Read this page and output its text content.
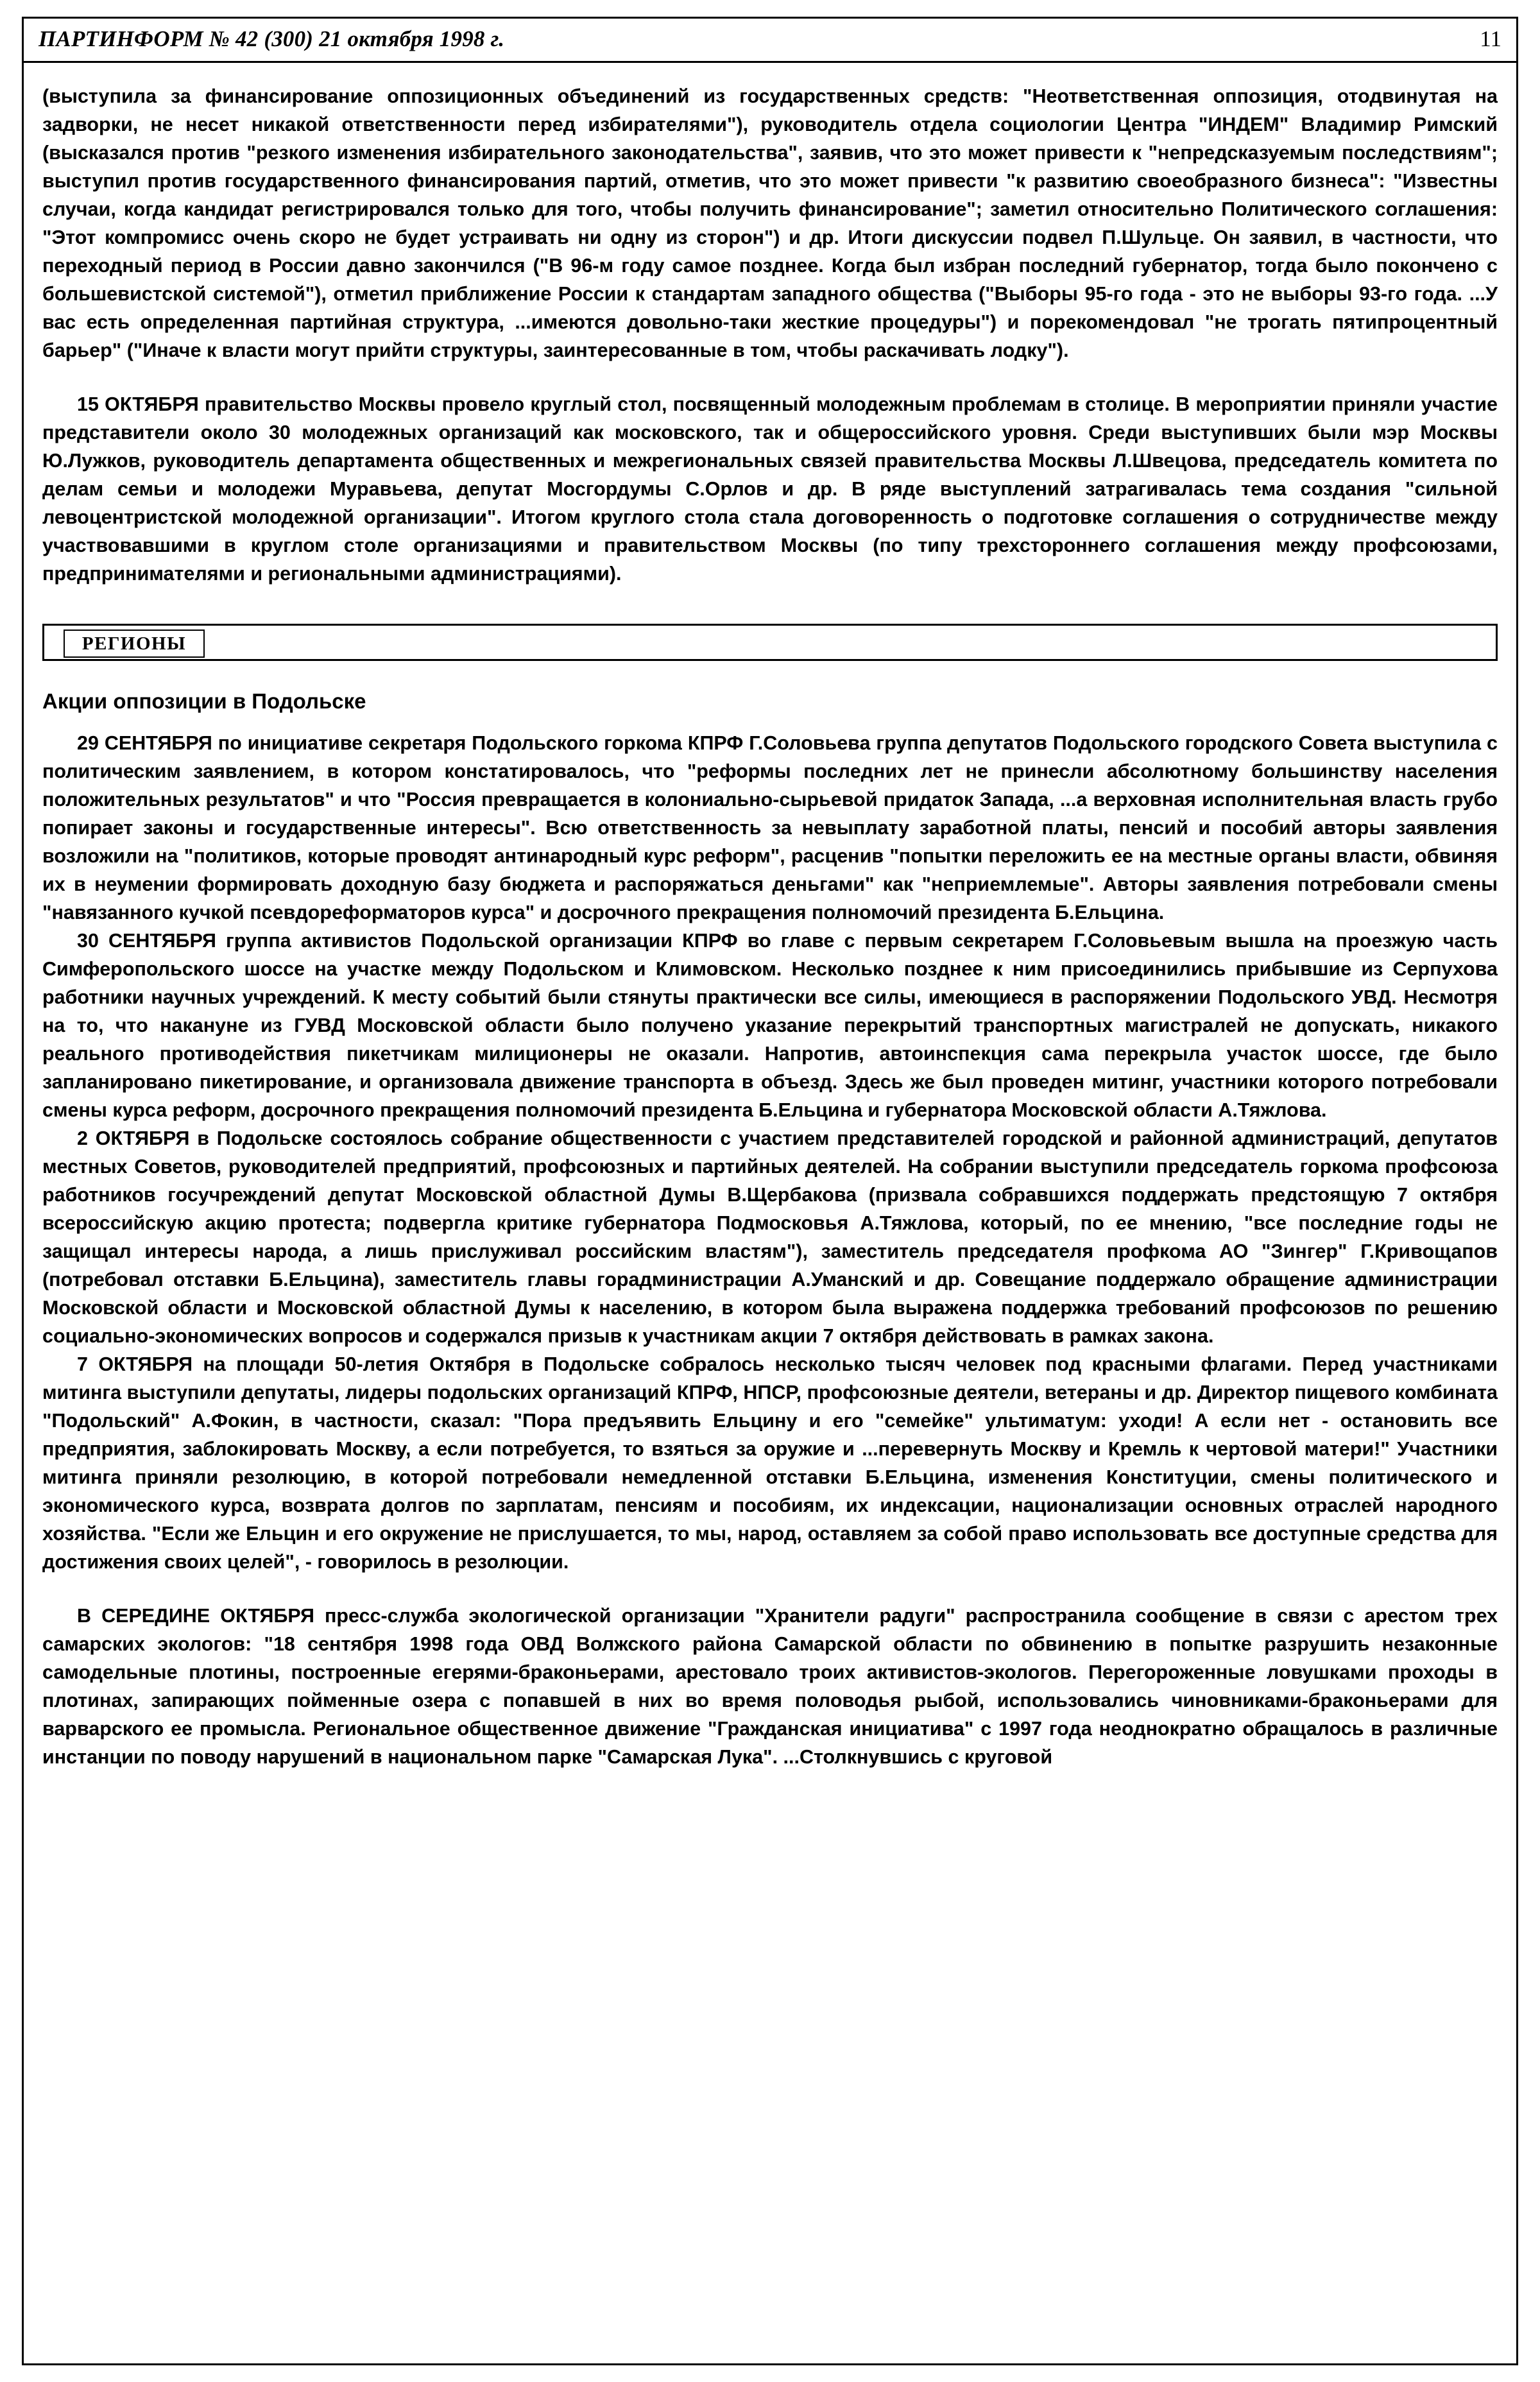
ПАРТИНФОРМ № 42 (300) 21 октября 1998 г.	11

(выступила за финансирование оппозиционных объединений из государственных средств: "Неответственная оппозиция, отодвинутая на задворки, не несет никакой ответственности перед избирателями"), руководитель отдела социологии Центра "ИНДЕМ" Владимир Римский (высказался против "резкого изменения избирательного законодательства", заявив, что это может привести к "непредсказуемым последствиям"; выступил против государственного финансирования партий, отметив, что это может привести "к развитию своеобразного бизнеса": "Известны случаи, когда кандидат регистрировался только для того, чтобы получить финансирование"; заметил относительно Политического соглашения: "Этот компромисс очень скоро не будет устраивать ни одну из сторон") и др. Итоги дискуссии подвел П.Шульце. Он заявил, в частности, что переходный период в России давно закончился ("В 96-м году самое позднее. Когда был избран последний губернатор, тогда было покончено с большевистской системой"), отметил приближение России к стандартам западного общества ("Выборы 95-го года - это не выборы 93-го года. ...У вас есть определенная партийная структура, ...имеются довольно-таки жесткие процедуры") и порекомендовал "не трогать пятипроцентный барьер" ("Иначе к власти могут прийти структуры, заинтересованные в том, чтобы раскачивать лодку").

15 ОКТЯБРЯ правительство Москвы провело круглый стол, посвященный молодежным проблемам в столице. В мероприятии приняли участие представители около 30 молодежных организаций как московского, так и общероссийского уровня. Среди выступивших были мэр Москвы Ю.Лужков, руководитель департамента общественных и межрегиональных связей правительства Москвы Л.Швецова, председатель комитета по делам семьи и молодежи Муравьева, депутат Мосгордумы С.Орлов и др. В ряде выступлений затрагивалась тема создания "сильной левоцентристской молодежной организации". Итогом круглого стола стала договоренность о подготовке соглашения о сотрудничестве между участвовавшими в круглом столе организациями и правительством Москвы (по типу трехстороннего соглашения между профсоюзами, предпринимателями и региональными администрациями).

РЕГИОНЫ
Акции оппозиции в Подольске

29 СЕНТЯБРЯ по инициативе секретаря Подольского горкома КПРФ Г.Соловьева группа депутатов Подольского городского Совета выступила с политическим заявлением, в котором констатировалось, что "реформы последних лет не принесли абсолютному большинству населения положительных результатов" и что "Россия превращается в колониально-сырьевой придаток Запада, ...а верховная исполнительная власть грубо попирает законы и государственные интересы". Всю ответственность за невыплату заработной платы, пенсий и пособий авторы заявления возложили на "политиков, которые проводят антинародный курс реформ", расценив "попытки переложить ее на местные органы власти, обвиняя их в неумении формировать доходную базу бюджета и распоряжаться деньгами" как "неприемлемые". Авторы заявления потребовали смены "навязанного кучкой псевдореформаторов курса" и досрочного прекращения полномочий президента Б.Ельцина.

30 СЕНТЯБРЯ группа активистов Подольской организации КПРФ во главе с первым секретарем Г.Соловьевым вышла на проезжую часть Симферопольского шоссе на участке между Подольском и Климовском. Несколько позднее к ним присоединились прибывшие из Серпухова работники научных учреждений. К месту событий были стянуты практически все силы, имеющиеся в распоряжении Подольского УВД. Несмотря на то, что накануне из ГУВД Московской области было получено указание перекрытий транспортных магистралей не допускать, никакого реального противодействия пикетчикам милиционеры не оказали. Напротив, автоинспекция сама перекрыла участок шоссе, где было запланировано пикетирование, и организовала движение транспорта в объезд. Здесь же был проведен митинг, участники которого потребовали смены курса реформ, досрочного прекращения полномочий президента Б.Ельцина и губернатора Московской области А.Тяжлова.

2 ОКТЯБРЯ в Подольске состоялось собрание общественности с участием представителей городской и районной администраций, депутатов местных Советов, руководителей предприятий, профсоюзных и партийных деятелей. На собрании выступили председатель горкома профсоюза работников госучреждений депутат Московской областной Думы В.Щербакова (призвала собравшихся поддержать предстоящую 7 октября всероссийскую акцию протеста; подвергла критике губернатора Подмосковья А.Тяжлова, который, по ее мнению, "все последние годы не защищал интересы народа, а лишь прислуживал российским властям"), заместитель председателя профкома АО "Зингер" Г.Кривощапов (потребовал отставки Б.Ельцина), заместитель главы горадминистрации А.Уманский и др. Совещание поддержало обращение администрации Московской области и Московской областной Думы к населению, в котором была выражена поддержка требований профсоюзов по решению социально-экономических вопросов и содержался призыв к участникам акции 7 октября действовать в рамках закона.

7 ОКТЯБРЯ на площади 50-летия Октября в Подольске собралось несколько тысяч человек под красными флагами. Перед участниками митинга выступили депутаты, лидеры подольских организаций КПРФ, НПСР, профсоюзные деятели, ветераны и др. Директор пищевого комбината "Подольский" А.Фокин, в частности, сказал: "Пора предъявить Ельцину и его "семейке" ультиматум: уходи! А если нет - остановить все предприятия, заблокировать Москву, а если потребуется, то взяться за оружие и ...перевернуть Москву и Кремль к чертовой матери!" Участники митинга приняли резолюцию, в которой потребовали немедленной отставки Б.Ельцина, изменения Конституции, смены политического и экономического курса, возврата долгов по зарплатам, пенсиям и пособиям, их индексации, национализации основных отраслей народного хозяйства. "Если же Ельцин и его окружение не прислушается, то мы, народ, оставляем за собой право использовать все доступные средства для достижения своих целей", - говорилось в резолюции.

В СЕРЕДИНЕ ОКТЯБРЯ пресс-служба экологической организации "Хранители радуги" распространила сообщение в связи с арестом трех самарских экологов: "18 сентября 1998 года ОВД Волжского района Самарской области по обвинению в попытке разрушить незаконные самодельные плотины, построенные егерями-браконьерами, арестовало троих активистов-экологов. Перегороженные ловушками проходы в плотинах, запирающих пойменные озера с попавшей в них во время половодья рыбой, использовались чиновниками-браконьерами для варварского ее промысла. Региональное общественное движение "Гражданская инициатива" с 1997 года неоднократно обращалось в различные инстанции по поводу нарушений в национальном парке "Самарская Лука". ...Столкнувшись с круговой
